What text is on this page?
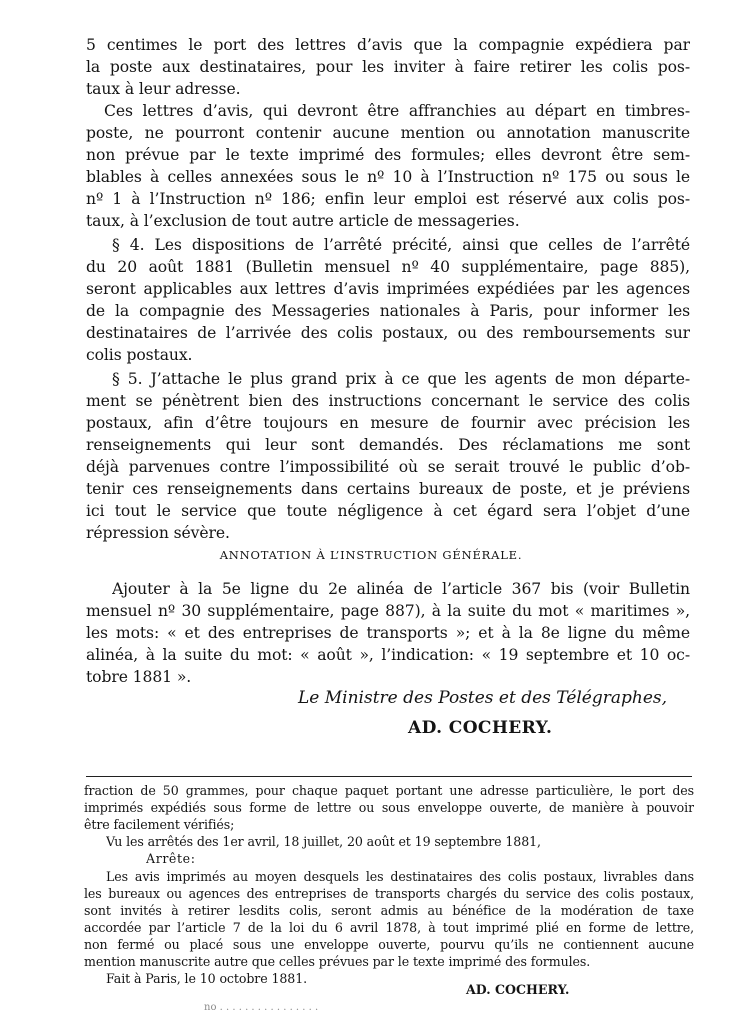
5 centimes le port des lettres d’avis que la compagnie expédiera par
la poste aux destinataires, pour les inviter à faire retirer les colis pos-
taux à leur adresse.
Ces lettres d’avis, qui devront être affranchies au départ en timbres-
poste, ne pourront contenir aucune mention ou annotation manuscrite
non prévue par le texte imprimé des formules; elles devront être sem-
blables à celles annexées sous le nº 10 à l’Instruction nº 175 ou sous le
nº 1 à l’Instruction nº 186; enfin leur emploi est réservé aux colis pos-
taux, à l’exclusion de tout autre article de messageries.
§ 4. Les dispositions de l’arrêté précité, ainsi que celles de l’arrêté
du 20 août 1881 (Bulletin mensuel nº 40 supplémentaire, page 885),
seront applicables aux lettres d’avis imprimées expédiées par les agences
de la compagnie des Messageries nationales à Paris, pour informer les
destinataires de l’arrivée des colis postaux, ou des remboursements sur
colis postaux.
§ 5. J’attache le plus grand prix à ce que les agents de mon départe-
ment se pénètrent bien des instructions concernant le service des colis
postaux, afin d’être toujours en mesure de fournir avec précision les
renseignements qui leur sont demandés. Des réclamations me sont
déjà parvenues contre l’impossibilité où se serait trouvé le public d’ob-
tenir ces renseignements dans certains bureaux de poste, et je préviens
ici tout le service que toute négligence à cet égard sera l’objet d’une
répression sévère.
ANNOTATION À L’INSTRUCTION GÉNÉRALE.
Ajouter à la 5e ligne du 2e alinéa de l’article 367 bis (voir Bulletin
mensuel nº 30 supplémentaire, page 887), à la suite du mot « maritimes »,
les mots: « et des entreprises de transports »; et à la 8e ligne du même
alinéa, à la suite du mot: « août », l’indication: « 19 septembre et 10 oc-
tobre 1881 ».

Le Ministre des Postes et des Télégraphes,

AD. COCHERY.

fraction de 50 grammes, pour chaque paquet portant une adresse particulière, le port des
imprimés expédiés sous forme de lettre ou sous enveloppe ouverte, de manière à pouvoir
être facilement vérifiés;
Vu les arrêtés des 1er avril, 18 juillet, 20 août et 19 septembre 1881,
Arrête:
Les avis imprimés au moyen desquels les destinataires des colis postaux, livrables dans
les bureaux ou agences des entreprises de transports chargés du service des colis postaux,
sont invités à retirer lesdits colis, seront admis au bénéfice de la modération de taxe
accordée par l’article 7 de la loi du 6 avril 1878, à tout imprimé plié en forme de lettre,
non fermé ou placé sous une enveloppe ouverte, pourvu qu’ils ne contiennent aucune
mention manuscrite autre que celles prévues par le texte imprimé des formules.
Fait à Paris, le 10 octobre 1881.

AD. COCHERY.

no . . . . . . . . . . . . . . . .
